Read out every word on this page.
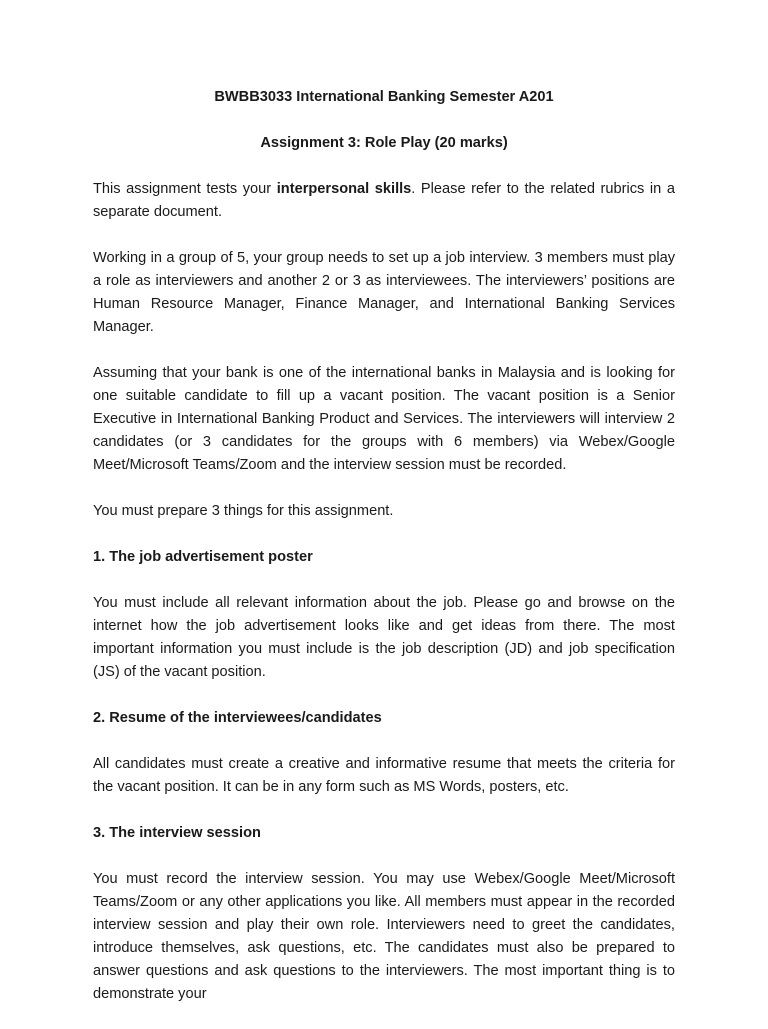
BWBB3033 International Banking Semester A201

Assignment 3: Role Play (20 marks)

This assignment tests your interpersonal skills. Please refer to the related rubrics in a separate document.

Working in a group of 5, your group needs to set up a job interview. 3 members must play a role as interviewers and another 2 or 3 as interviewees. The interviewers’ positions are Human Resource Manager, Finance Manager, and International Banking Services Manager.

Assuming that your bank is one of the international banks in Malaysia and is looking for one suitable candidate to fill up a vacant position. The vacant position is a Senior Executive in International Banking Product and Services. The interviewers will interview 2 candidates (or 3 candidates for the groups with 6 members) via Webex/Google Meet/Microsoft Teams/Zoom and the interview session must be recorded.

You must prepare 3 things for this assignment.

1. The job advertisement poster

You must include all relevant information about the job. Please go and browse on the internet how the job advertisement looks like and get ideas from there. The most important information you must include is the job description (JD) and job specification (JS) of the vacant position.

2. Resume of the interviewees/candidates

All candidates must create a creative and informative resume that meets the criteria for the vacant position. It can be in any form such as MS Words, posters, etc.

3. The interview session

You must record the interview session. You may use Webex/Google Meet/Microsoft Teams/Zoom or any other applications you like. All members must appear in the recorded interview session and play their own role. Interviewers need to greet the candidates, introduce themselves, ask questions, etc. The candidates must also be prepared to answer questions and ask questions to the interviewers. The most important thing is to demonstrate your
